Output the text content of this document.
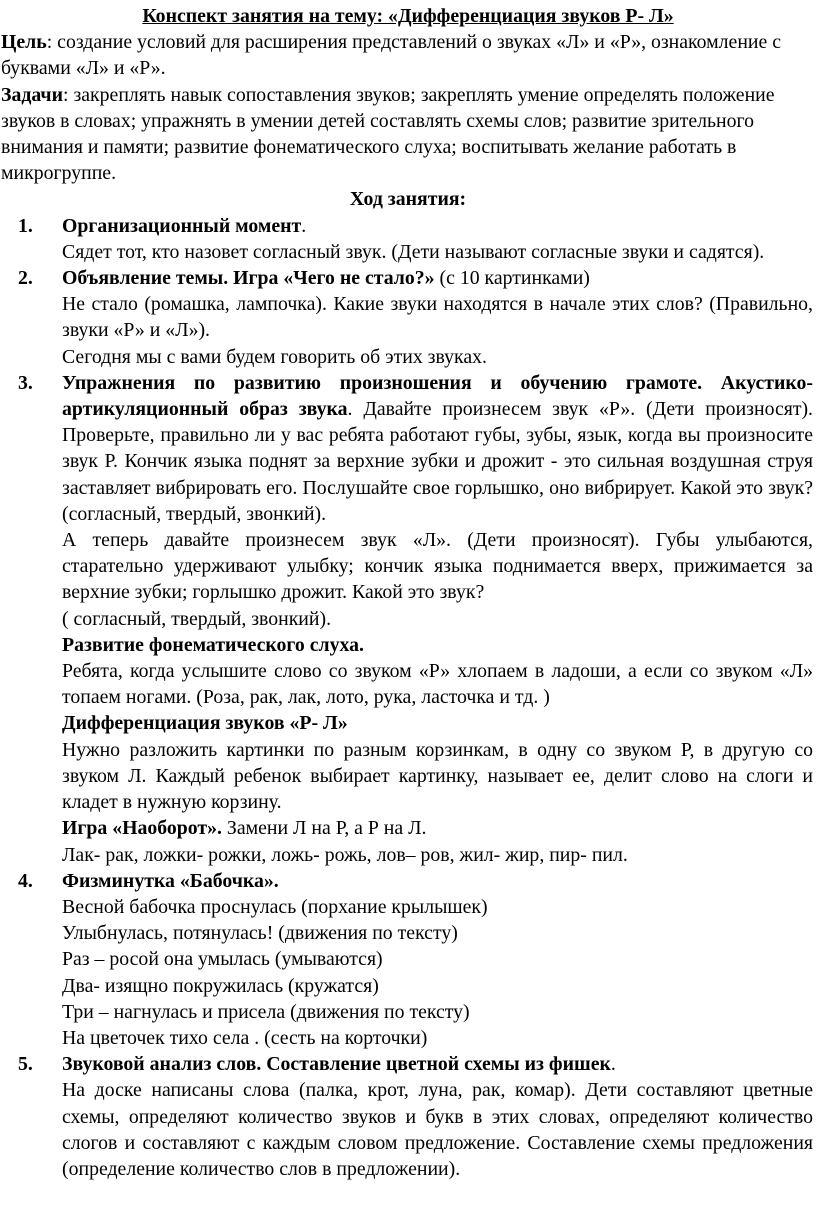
Конспект занятия на тему: «Дифференциация звуков Р- Л»

Цель: создание условий для расширения представлений о звуках «Л» и «Р», ознакомление с буквами «Л» и «Р».

Задачи: закреплять навык сопоставления звуков; закреплять умение определять положение звуков в словах; упражнять в умении детей составлять схемы слов; развитие зрительного внимания и памяти; развитие фонематического слуха; воспитывать желание работать в микрогруппе.

Ход занятия:
1. Организационный момент.

Сядет тот, кто назовет согласный звук. (Дети называют согласные звуки и садятся).

2. Объявление темы. Игра «Чего не стало?» (с 10 картинками)

Не стало (ромашка, лампочка). Какие звуки находятся в начале этих слов? (Правильно, звуки «Р» и «Л»).

Сегодня мы с вами будем говорить об этих звуках.

3. Упражнения по развитию произношения и обучению грамоте. Акустико-артикуляционный образ звука. Давайте произнесем звук «Р». (Дети произносят). Проверьте, правильно ли у вас ребята работают губы, зубы, язык, когда вы произносите звук Р. Кончик языка поднят за верхние зубки и дрожит - это сильная воздушная струя заставляет вибрировать его. Послушайте свое горлышко, оно вибрирует. Какой это звук? (согласный, твердый, звонкий).

А теперь давайте произнесем звук «Л». (Дети произносят). Губы улыбаются, старательно удерживают улыбку; кончик языка поднимается вверх, прижимается за верхние зубки; горлышко дрожит. Какой это звук?

( согласный, твердый, звонкий).

Развитие фонематического слуха.

Ребята, когда услышите слово со звуком «Р» хлопаем в ладоши, а если со звуком «Л» топаем ногами. (Роза, рак, лак, лото, рука, ласточка и тд. )

Дифференциация звуков «Р- Л»

Нужно разложить картинки по разным корзинкам, в одну со звуком Р, в другую со звуком Л. Каждый ребенок выбирает картинку, называет ее, делит слово на слоги и кладет в нужную корзину.

Игра «Наоборот». Замени Л на Р, а Р на Л.

Лак- рак, ложки- рожки, ложь- рожь, лов– ров, жил- жир, пир- пил.

4. Физминутка «Бабочка».

Весной бабочка проснулась (порхание крылышек)

Улыбнулась, потянулась! (движения по тексту)

Раз – росой она умылась (умываются)

Два- изящно покружилась (кружатся)

Три – нагнулась и присела (движения по тексту)

На цветочек тихо села . (сесть на корточки)

5. Звуковой анализ слов. Составление цветной схемы из фишек.

На доске написаны слова (палка, крот, луна, рак, комар). Дети составляют цветные схемы, определяют количество звуков и букв в этих словах, определяют количество слогов и составляют с каждым словом предложение. Составление схемы предложения (определение количество слов в предложении).
